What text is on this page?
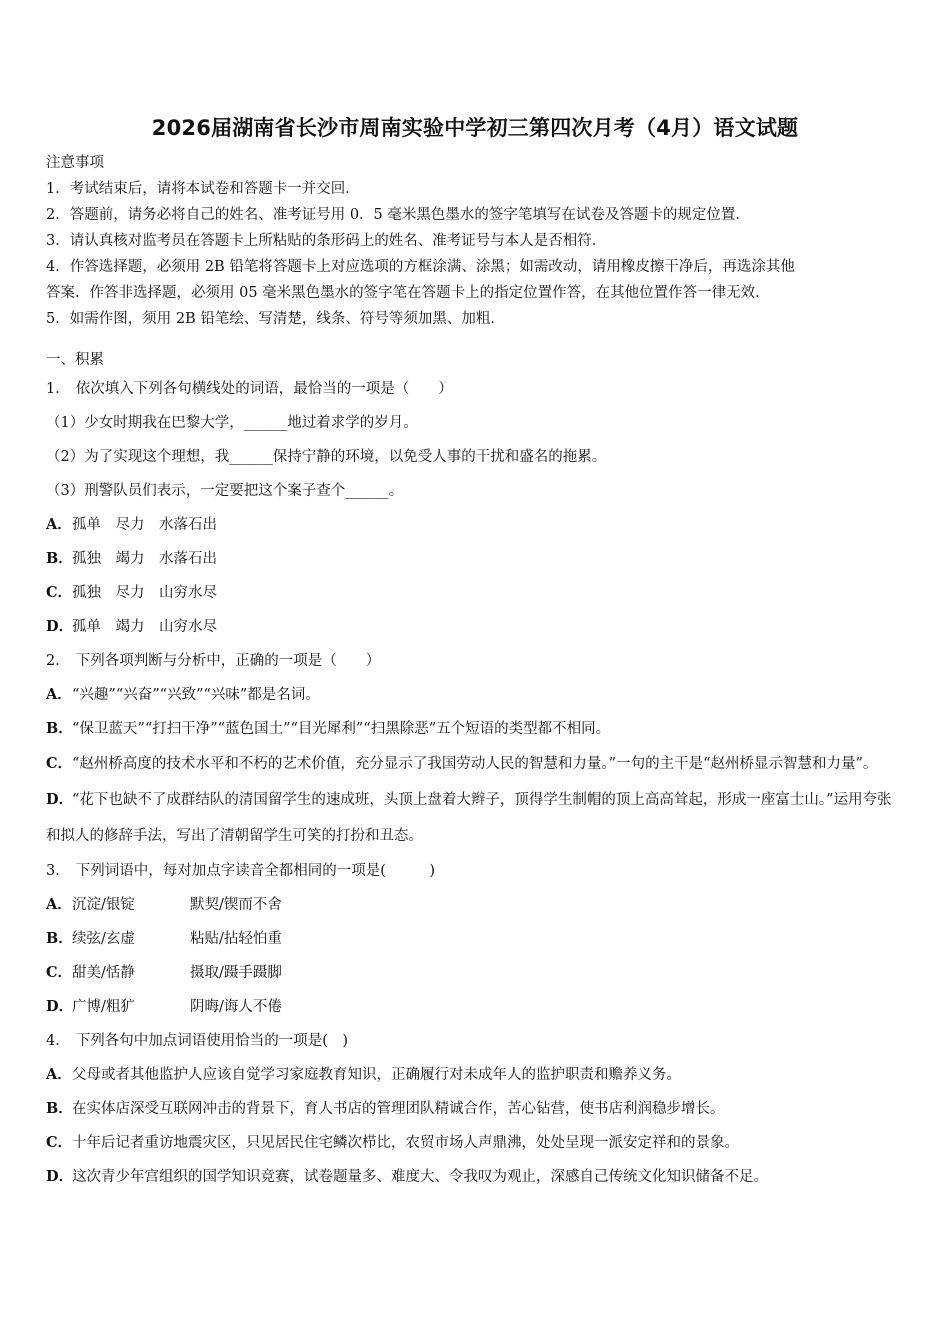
2026届湖南省长沙市周南实验中学初三第四次月考（4月）语文试题
注意事项
1．考试结束后，请将本试卷和答题卡一并交回．
2．答题前，请务必将自己的姓名、准考证号用 0．5 毫米黑色墨水的签字笔填写在试卷及答题卡的规定位置．
3．请认真核对监考员在答题卡上所粘贴的条形码上的姓名、准考证号与本人是否相符．
4．作答选择题，必须用 2B 铅笔将答题卡上对应选项的方框涂满、涂黑；如需改动，请用橡皮擦干净后，再选涂其他
答案．作答非选择题，必须用 05 毫米黑色墨水的签字笔在答题卡上的指定位置作答，在其他位置作答一律无效．
5．如需作图，须用 2B 铅笔绘、写清楚，线条、符号等须加黑、加粗．
一、积累
1． 依次填入下列各句横线处的词语，最恰当的一项是（　　）
（1）少女时期我在巴黎大学，______地过着求学的岁月。
（2）为了实现这个理想，我______保持宁静的环境，以免受人事的干扰和盛名的拖累。
（3）刑警队员们表示，一定要把这个案子查个______。
A．孤单　尽力　水落石出
B．孤独　竭力　水落石出
C．孤独　尽力　山穷水尽
D．孤单　竭力　山穷水尽
2． 下列各项判断与分析中，正确的一项是（　　）
A．“兴趣”“兴奋”“兴致”“兴味”都是名词。
B．“保卫蓝天”“打扫干净”“蓝色国土”“目光犀利”“扫黑除恶”五个短语的类型都不相同。
C．“赵州桥高度的技术水平和不朽的艺术价值，充分显示了我国劳动人民的智慧和力量。”一句的主干是“赵州桥显示智慧和力量”。
D．“花下也缺不了成群结队的清国留学生的速成班，头顶上盘着大辫子，顶得学生制帽的顶上高高耸起，形成一座富士山。”运用夸张和拟人的修辞手法，写出了清朝留学生可笑的打扮和丑态。
3． 下列词语中，每对加点字读音全都相同的一项是(　　　)
A．沉淀/银锭	默契/锲而不舍
B．续弦/玄虚	粘贴/拈轻怕重
C．甜美/恬静	摄取/蹑手蹑脚
D．广博/粗犷	阴晦/诲人不倦
4． 下列各句中加点词语使用恰当的一项是(　)
A．父母或者其他监护人应该自觉学习家庭教育知识，正确履行对未成年人的监护职责和赡养义务。
B．在实体店深受互联网冲击的背景下，育人书店的管理团队精诚合作，苦心钻营，使书店利润稳步增长。
C．十年后记者重访地震灾区，只见居民住宅鳞次栉比，农贸市场人声鼎沸，处处呈现一派安定祥和的景象。
D．这次青少年宫组织的国学知识竞赛，试卷题量多、难度大、令我叹为观止，深感自己传统文化知识储备不足。
